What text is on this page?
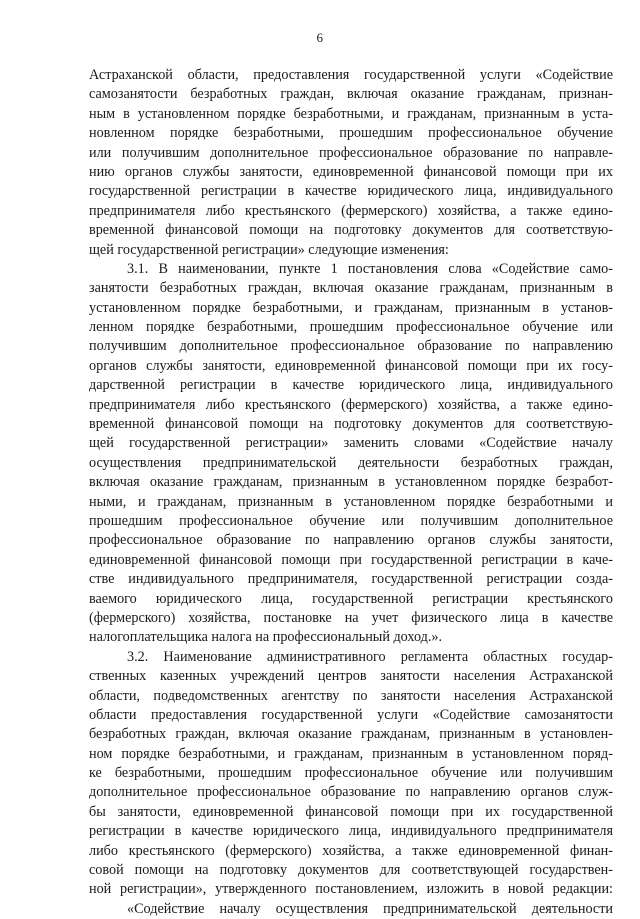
6
Астраханской области, предоставления государственной услуги «Содействие
самозанятости безработных граждан, включая оказание гражданам, признан-
ным в установленном порядке безработными, и гражданам, признанным в уста-
новленном порядке безработными, прошедшим профессиональное обучение
или получившим дополнительное профессиональное образование по направле-
нию органов службы занятости, единовременной финансовой помощи при их
государственной регистрации в качестве юридического лица, индивидуального
предпринимателя либо крестьянского (фермерского) хозяйства, а также едино-
временной финансовой помощи на подготовку документов для соответствую-
щей государственной регистрации» следующие изменения:
3.1. В наименовании, пункте 1 постановления слова «Содействие само-
занятости безработных граждан, включая оказание гражданам, признанным в
установленном порядке безработными, и гражданам, признанным в установ-
ленном порядке безработными, прошедшим профессиональное обучение или
получившим дополнительное профессиональное образование по направлению
органов службы занятости, единовременной финансовой помощи при их госу-
дарственной регистрации в качестве юридического лица, индивидуального
предпринимателя либо крестьянского (фермерского) хозяйства, а также едино-
временной финансовой помощи на подготовку документов для соответствую-
щей государственной регистрации» заменить словами «Содействие началу
осуществления предпринимательской деятельности безработных граждан,
включая оказание гражданам, признанным в установленном порядке безработ-
ными, и гражданам, признанным в установленном порядке безработными и
прошедшим профессиональное обучение или получившим дополнительное
профессиональное образование по направлению органов службы занятости,
единовременной финансовой помощи при государственной регистрации в каче-
стве индивидуального предпринимателя, государственной регистрации созда-
ваемого юридического лица, государственной регистрации крестьянского
(фермерского) хозяйства, постановке на учет физического лица в качестве
налогоплательщика налога на профессиональный доход.».
3.2. Наименование административного регламента областных государ-
ственных казенных учреждений центров занятости населения Астраханской
области, подведомственных агентству по занятости населения Астраханской
области предоставления государственной услуги «Содействие самозанятости
безработных граждан, включая оказание гражданам, признанным в установлен-
ном порядке безработными, и гражданам, признанным в установленном поряд-
ке безработными, прошедшим профессиональное обучение или получившим
дополнительное профессиональное образование по направлению органов служ-
бы занятости, единовременной финансовой помощи при их государственной
регистрации в качестве юридического лица, индивидуального предпринимателя
либо крестьянского (фермерского) хозяйства, а также единовременной финан-
совой помощи на подготовку документов для соответствующей государствен-
ной регистрации», утвержденного постановлением, изложить в новой редакции:
«Содействие началу осуществления предпринимательской деятельности
